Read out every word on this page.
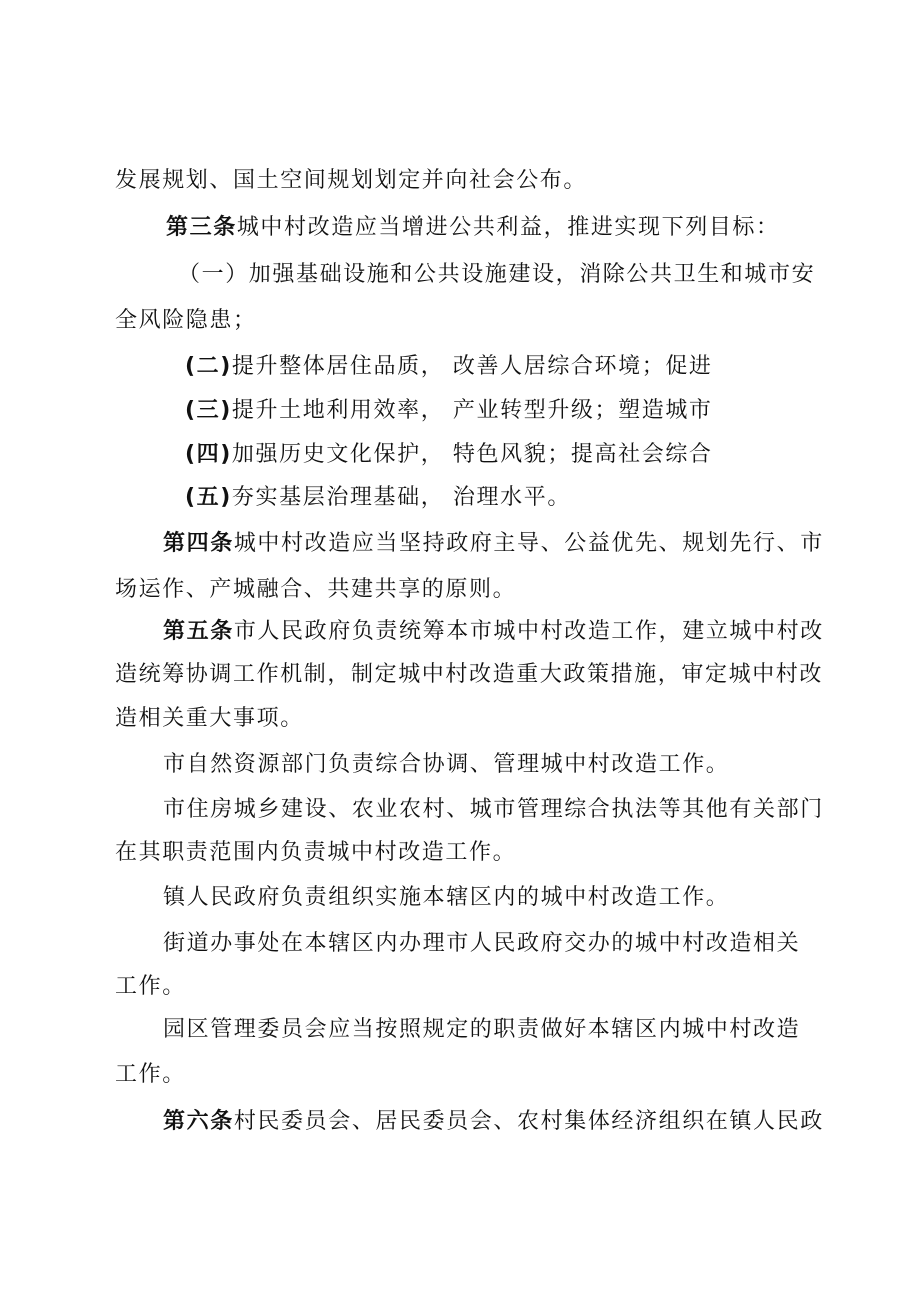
发展规划、国土空间规划划定并向社会公布。
第三条城中村改造应当增进公共利益，推进实现下列目标：
（一）加强基础设施和公共设施建设，消除公共卫生和城市安
全风险隐患；
(二)提升整体居住品质， 改善人居综合环境；促进
(三)提升土地利用效率， 产业转型升级；塑造城市
(四)加强历史文化保护， 特色风貌；提高社会综合
(五)夯实基层治理基础， 治理水平。
第四条城中村改造应当坚持政府主导、公益优先、规划先行、市
场运作、产城融合、共建共享的原则。
第五条市人民政府负责统筹本市城中村改造工作，建立城中村改
造统筹协调工作机制，制定城中村改造重大政策措施，审定城中村改
造相关重大事项。
市自然资源部门负责综合协调、管理城中村改造工作。
市住房城乡建设、农业农村、城市管理综合执法等其他有关部门
在其职责范围内负责城中村改造工作。
镇人民政府负责组织实施本辖区内的城中村改造工作。
街道办事处在本辖区内办理市人民政府交办的城中村改造相关
工作。
园区管理委员会应当按照规定的职责做好本辖区内城中村改造
工作。
第六条村民委员会、居民委员会、农村集体经济组织在镇人民政
